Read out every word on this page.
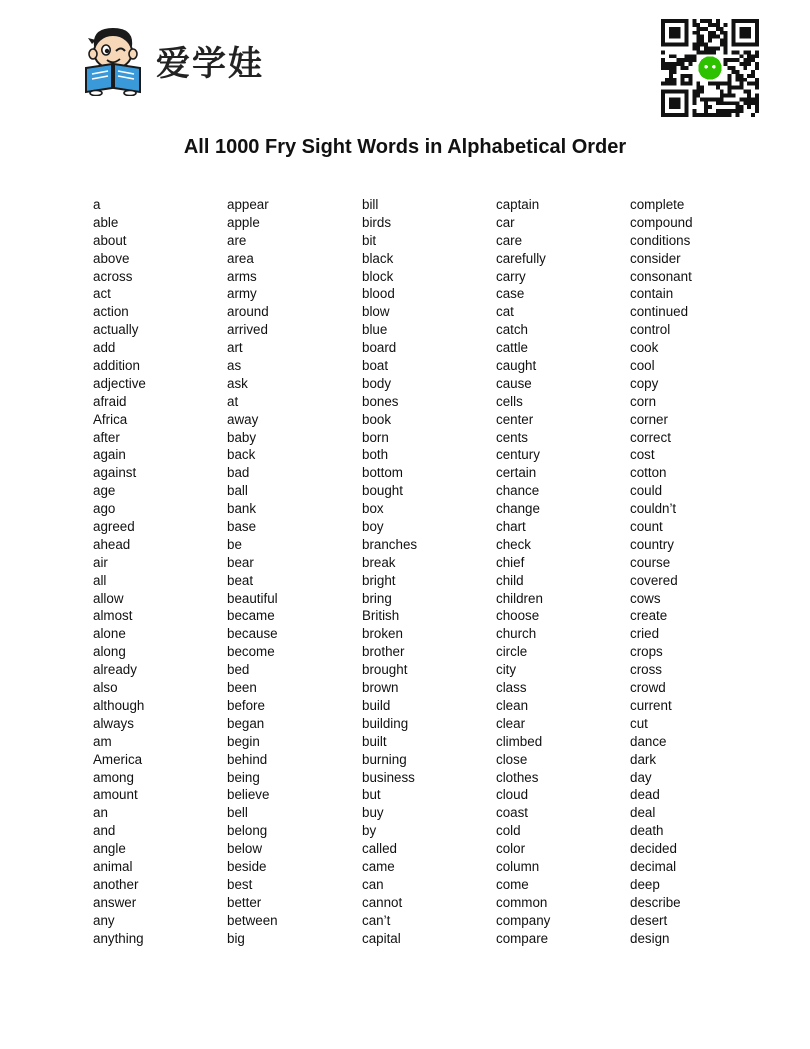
爱学娃
All 1000 Fry Sight Words in Alphabetical Order
a
able
about
above
across
act
action
actually
add
addition
adjective
afraid
Africa
after
again
against
age
ago
agreed
ahead
air
all
allow
almost
alone
along
already
also
although
always
am
America
among
amount
an
and
angle
animal
another
answer
any
anything
appear
apple
are
area
arms
army
around
arrived
art
as
ask
at
away
baby
back
bad
ball
bank
base
be
bear
beat
beautiful
became
because
become
bed
been
before
began
begin
behind
being
believe
bell
belong
below
beside
best
better
between
big
bill
birds
bit
black
block
blood
blow
blue
board
boat
body
bones
book
born
both
bottom
bought
box
boy
branches
break
bright
bring
British
broken
brother
brought
brown
build
building
built
burning
business
but
buy
by
called
came
can
cannot
can’t
capital
captain
car
care
carefully
carry
case
cat
catch
cattle
caught
cause
cells
center
cents
century
certain
chance
change
chart
check
chief
child
children
choose
church
circle
city
class
clean
clear
climbed
close
clothes
cloud
coast
cold
color
column
come
common
company
compare
complete
compound
conditions
consider
consonant
contain
continued
control
cook
cool
copy
corn
corner
correct
cost
cotton
could
couldn’t
count
country
course
covered
cows
create
cried
crops
cross
crowd
current
cut
dance
dark
day
dead
deal
death
decided
decimal
deep
describe
desert
design
